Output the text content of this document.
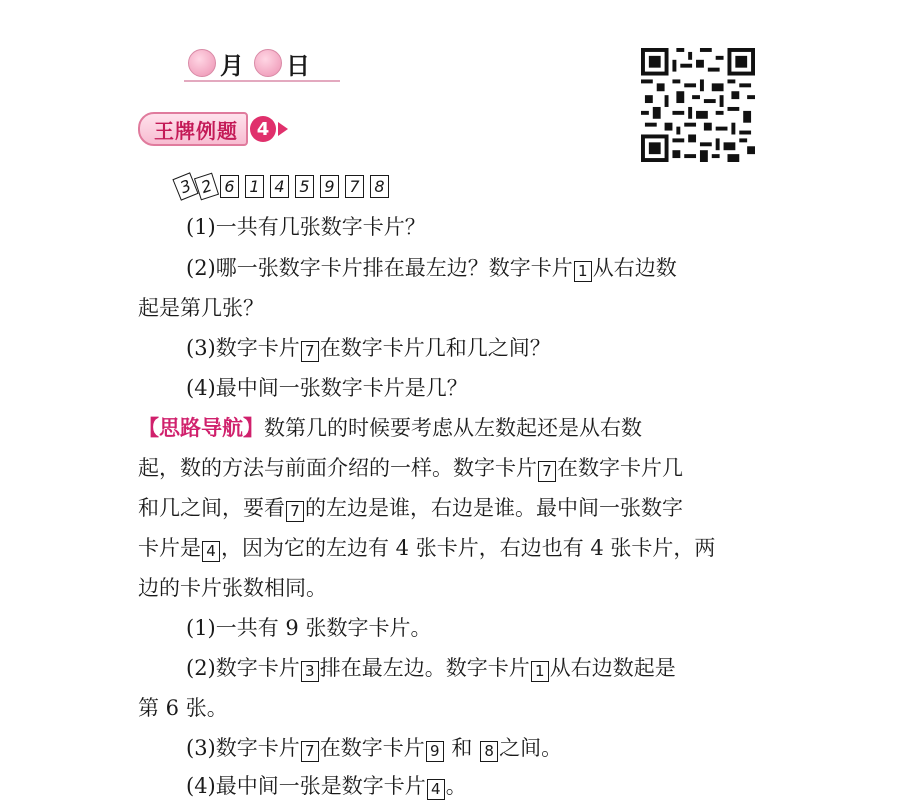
月 日
王牌例题	4
3 2 6 1 4 5 9 7 8
(1)一共有几张数字卡片？
(2)哪一张数字卡片排在最左边？数字卡片 1 从右边数
起是第几张？
(3)数字卡片 7 在数字卡片几和几之间？
(4)最中间一张数字卡片是几？
【思路导航】数第几的时候要考虑从左数起还是从右数
起，数的方法与前面介绍的一样。数字卡片 7 在数字卡片几
和几之间，要看 7 的左边是谁，右边是谁。最中间一张数字
卡片是 4 ，因为它的左边有 4 张卡片，右边也有 4 张卡片，两
边的卡片张数相同。
(1)一共有 9 张数字卡片。
(2)数字卡片 3 排在最左边。数字卡片 1 从右边数起是
第 6 张。
(3)数字卡片 7 在数字卡片 9 和 8 之间。
(4)最中间一张是数字卡片 4 。
